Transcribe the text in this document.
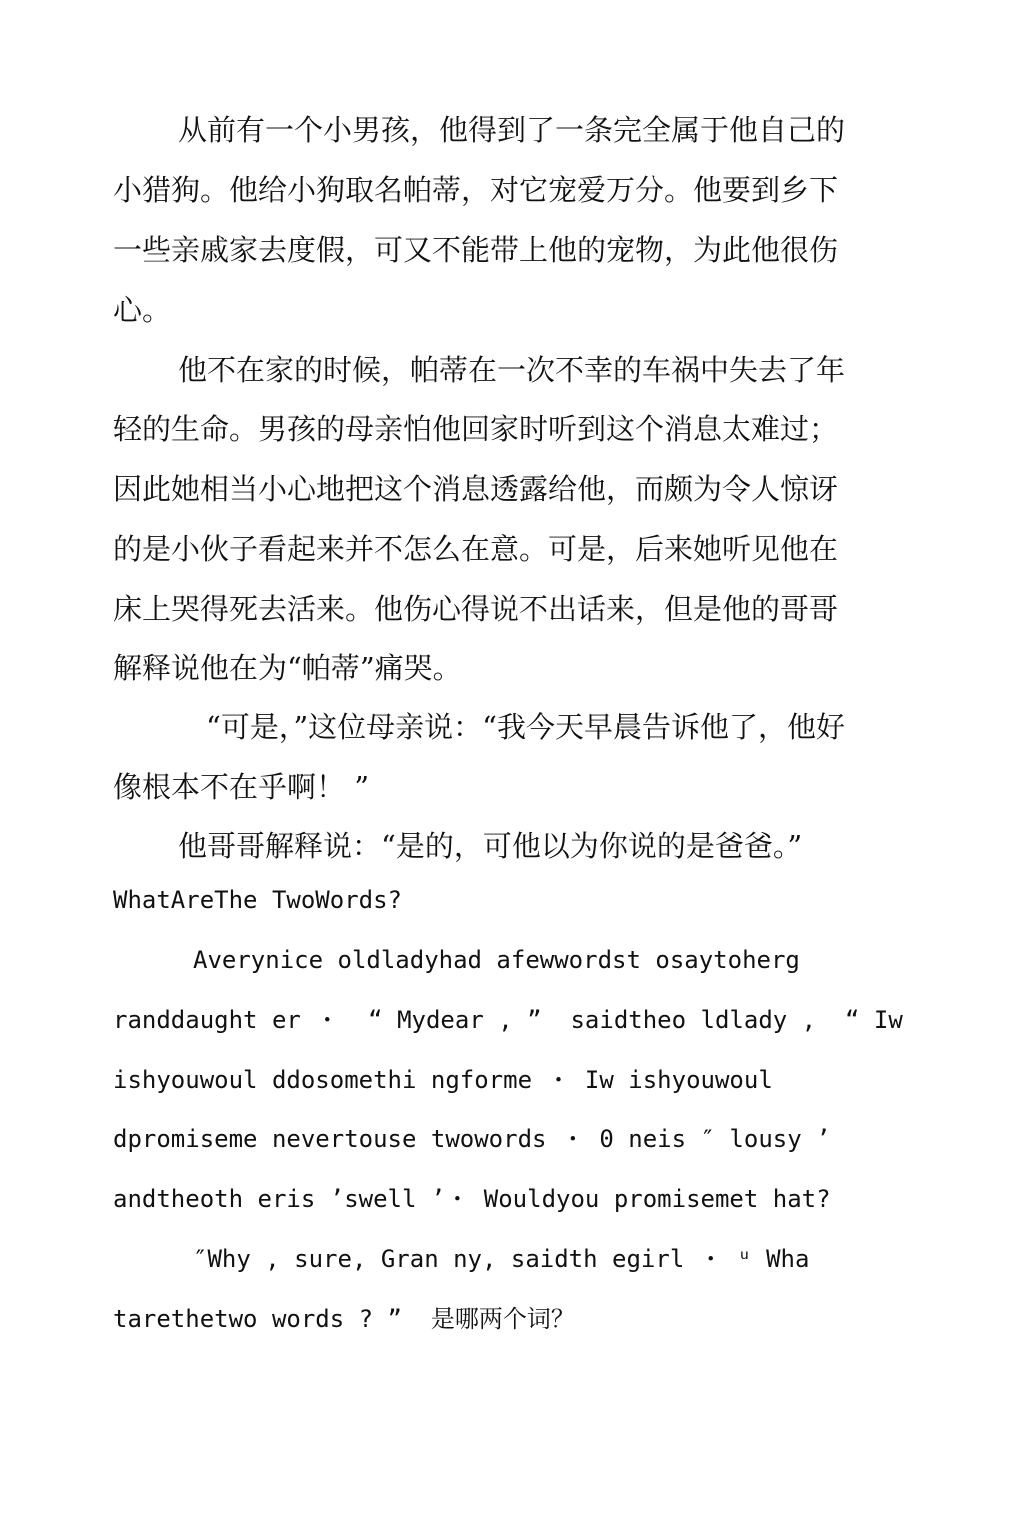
从前有一个小男孩，他得到了一条完全属于他自己的
小猎狗。他给小狗取名帕蒂，对它宠爱万分。他要到乡下
一些亲戚家去度假，可又不能带上他的宠物，为此他很伤
心。
他不在家的时候，帕蒂在一次不幸的车祸中失去了年
轻的生命。男孩的母亲怕他回家时听到这个消息太难过；
因此她相当小心地把这个消息透露给他，而颇为令人惊讶
的是小伙子看起来并不怎么在意。可是，后来她听见他在
床上哭得死去活来。他伤心得说不出话来，但是他的哥哥
解释说他在为“帕蒂”痛哭。
“可是，”这位母亲说：“我今天早晨告诉他了，他好
像根本不在乎啊！ ”
他哥哥解释说：“是的，可他以为你说的是爸爸。”
WhatAreThe TwoWords?
Averynice oldladyhad afewwordst osaytoherg
randdaught er ・  “ Mydear , ”  saidtheo ldlady ,  “ Iw
ishyouwoul ddosomethi ngforme ・ Iw ishyouwoul
dpromiseme nevertouse twowords ・ 0 neis ″ lousy ’
andtheoth eris ’swell ’・ Wouldyou promisemet hat?
″Why , sure, Gran ny, saidth egirl ・ ᵘ Wha
tarethetwo words ? ”  是哪两个词？
